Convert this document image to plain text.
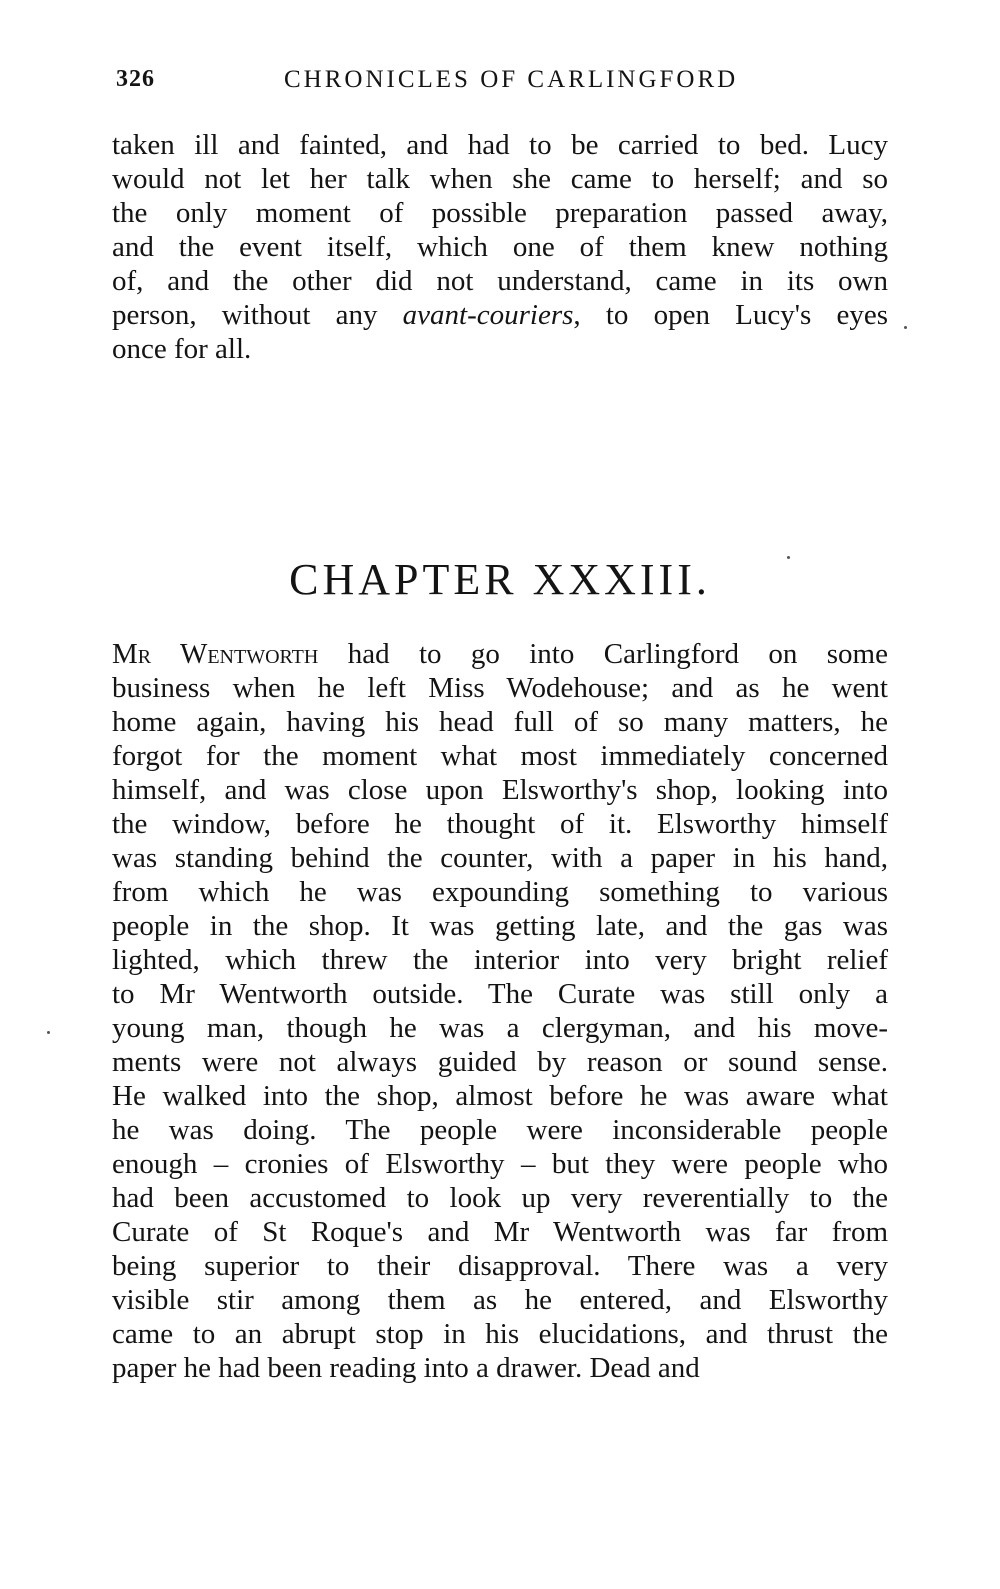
326	CHRONICLES OF CARLINGFORD
taken ill and fainted, and had to be carried to bed. Lucy
would not let her talk when she came to herself; and so
the only moment of possible preparation passed away,
and the event itself, which one of them knew nothing
of, and the other did not understand, came in its own
person, without any avant-couriers, to open Lucy's eyes
once for all.
CHAPTER XXXIII.
Mr Wentworth had to go into Carlingford on some
business when he left Miss Wodehouse; and as he went
home again, having his head full of so many matters, he
forgot for the moment what most immediately concerned
himself, and was close upon Elsworthy's shop, looking into
the window, before he thought of it. Elsworthy himself
was standing behind the counter, with a paper in his hand,
from which he was expounding something to various
people in the shop. It was getting late, and the gas was
lighted, which threw the interior into very bright relief
to Mr Wentworth outside. The Curate was still only a
young man, though he was a clergyman, and his move-
ments were not always guided by reason or sound sense.
He walked into the shop, almost before he was aware what
he was doing. The people were inconsiderable people
enough – cronies of Elsworthy – but they were people who
had been accustomed to look up very reverentially to the
Curate of St Roque's and Mr Wentworth was far from
being superior to their disapproval. There was a very
visible stir among them as he entered, and Elsworthy
came to an abrupt stop in his elucidations, and thrust the
paper he had been reading into a drawer. Dead and
